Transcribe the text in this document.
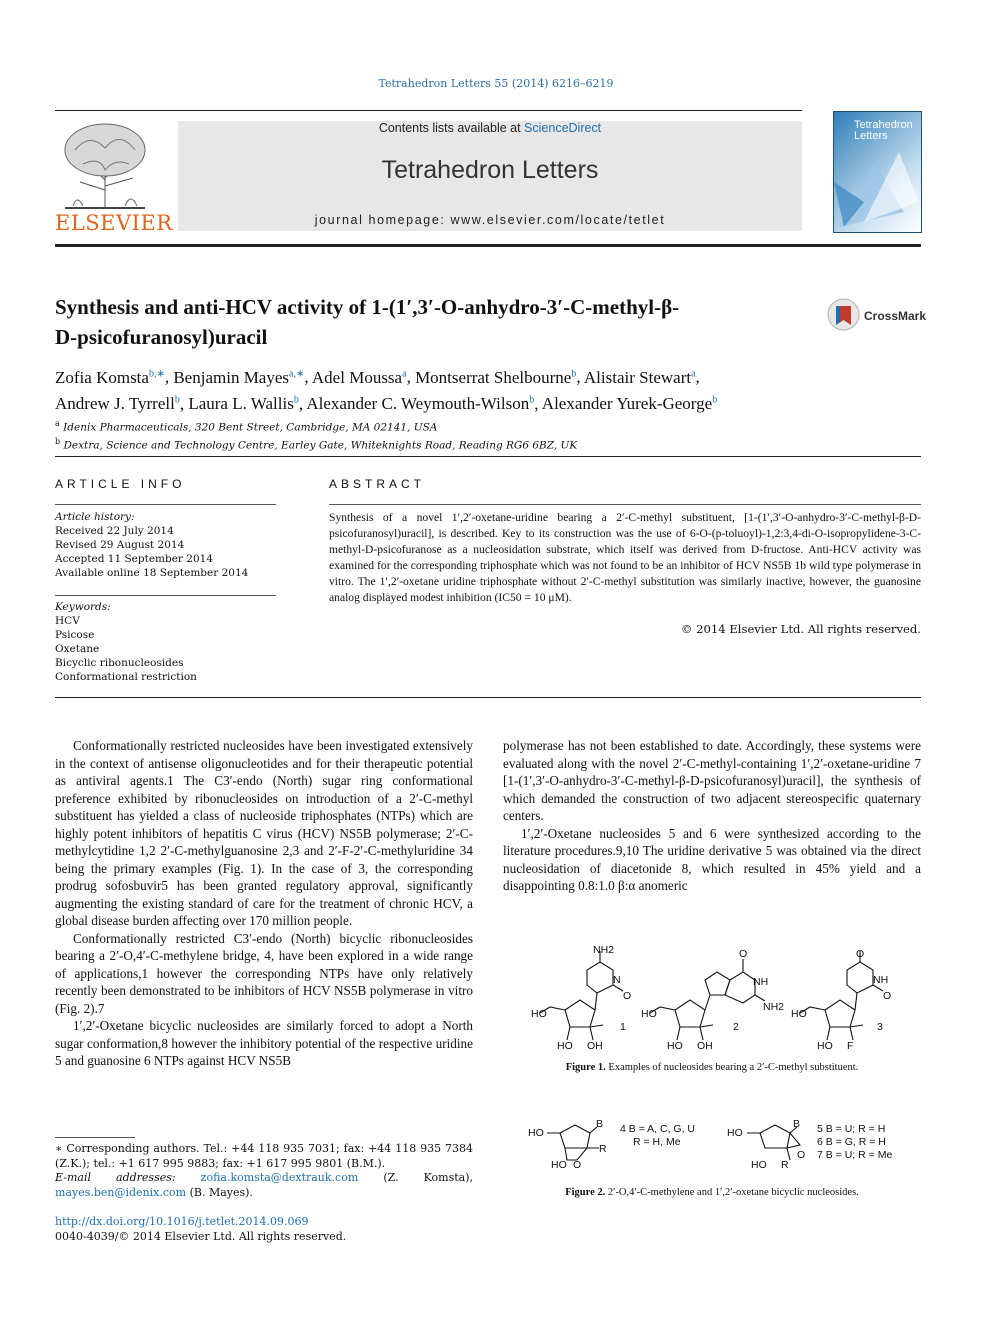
Tetrahedron Letters 55 (2014) 6216–6219
ELSEVIER
Contents lists available at ScienceDirect
Tetrahedron Letters
journal homepage: www.elsevier.com/locate/tetlet
Tetrahedron
Letters
Synthesis and anti-HCV activity of 1-(1′,3′-O-anhydro-3′-C-methyl-β-
D-psicofuranosyl)uracil
CrossMark
Zofia Komsta$^{b,∗}$, Benjamin Mayes$^{a,∗}$, Adel Moussa$^a$, Montserrat Shelbourne$^b$, Alistair Stewart$^a$,
Andrew J. Tyrrell$^b$, Laura L. Wallis$^b$, Alexander C. Weymouth-Wilson$^b$, Alexander Yurek-George$^b$
$^a$ Idenix Pharmaceuticals, 320 Bent Street, Cambridge, MA 02141, USA
$^b$ Dextra, Science and Technology Centre, Earley Gate, Whiteknights Road, Reading RG6 6BZ, UK
ARTICLE INFO
Article history:
Received 22 July 2014
Revised 29 August 2014
Accepted 11 September 2014
Available online 18 September 2014
Keywords:
HCV
Psicose
Oxetane
Bicyclic ribonucleosides
Conformational restriction
ABSTRACT
Synthesis of a novel 1′,2′-oxetane-uridine bearing a 2′-C-methyl substituent, [1-(1′,3′-O-anhydro-3′-C-methyl-β-D-psicofuranosyl)uracil], is described. Key to its construction was the use of 6-O-(p-toluoyl)-1,2:3,4-di-O-isopropylidene-3-C-methyl-D-psicofuranose as a nucleosidation substrate, which itself was derived from D-fructose. Anti-HCV activity was examined for the corresponding triphosphate which was not found to be an inhibitor of HCV NS5B 1b wild type polymerase in vitro. The 1′,2′-oxetane uridine triphosphate without 2′-C-methyl substitution was similarly inactive, however, the guanosine analog displayed modest inhibition (IC50 = 10 μM).
© 2014 Elsevier Ltd. All rights reserved.

Conformationally restricted nucleosides have been investigated extensively in the context of antisense oligonucleotides and for their therapeutic potential as antiviral agents.1 The C3′-endo (North) sugar ring conformational preference exhibited by ribonucleosides on introduction of a 2′-C-methyl substituent has yielded a class of nucleoside triphosphates (NTPs) which are highly potent inhibitors of hepatitis C virus (HCV) NS5B polymerase; 2′-C-methylcytidine 1,2 2′-C-methylguanosine 2,3 and 2′-F-2′-C-methyluridine 34 being the primary examples (Fig. 1). In the case of 3, the corresponding prodrug sofosbuvir5 has been granted regulatory approval, significantly augmenting the existing standard of care for the treatment of chronic HCV, a global disease burden affecting over 170 million people.

Conformationally restricted C3′-endo (North) bicyclic ribonucleosides bearing a 2′-O,4′-C-methylene bridge, 4, have been explored in a wide range of applications,1 however the corresponding NTPs have only relatively recently been demonstrated to be inhibitors of HCV NS5B polymerase in vitro (Fig. 2).7

1′,2′-Oxetane bicyclic nucleosides are similarly forced to adopt a North sugar conformation,8 however the inhibitory potential of the respective uridine 5 and guanosine 6 NTPs against HCV NS5B

polymerase has not been established to date. Accordingly, these systems were evaluated along with the novel 2′-C-methyl-containing 1′,2′-oxetane-uridine 7 [1-(1′,3′-O-anhydro-3′-C-methyl-β-D-psicofuranosyl)uracil], the synthesis of which demanded the construction of two adjacent stereospecific quaternary centers.

1′,2′-Oxetane nucleosides 5 and 6 were synthesized according to the literature procedures.9,10 The uridine derivative 5 was obtained via the direct nucleosidation of diacetonide 8, which resulted in 45% yield and a disappointing 0.8:1.0 β:α anomeric

NH2
N
O
HO
HO OH
1
O
NH
NH2
HO
HO OH
2
O
NH
O
HO
HO F
3
Figure 1. Examples of nucleosides bearing a 2′-C-methyl substituent.
HO
B
R
HO O
4 B = A, C, G, U
R = H, Me
HO
B
O
HO R
5 B = U; R = H
6 B = G, R = H
7 B = U; R = Me
Figure 2. 2′-O,4′-C-methylene and 1′,2′-oxetane bicyclic nucleosides.
∗ Corresponding authors. Tel.: +44 118 935 7031; fax: +44 118 935 7384 (Z.K.); tel.: +1 617 995 9883; fax: +1 617 995 9801 (B.M.).
E-mail addresses: zofia.komsta@dextrauk.com (Z. Komsta), mayes.ben@idenix.com (B. Mayes).
http://dx.doi.org/10.1016/j.tetlet.2014.09.069
0040-4039/© 2014 Elsevier Ltd. All rights reserved.
